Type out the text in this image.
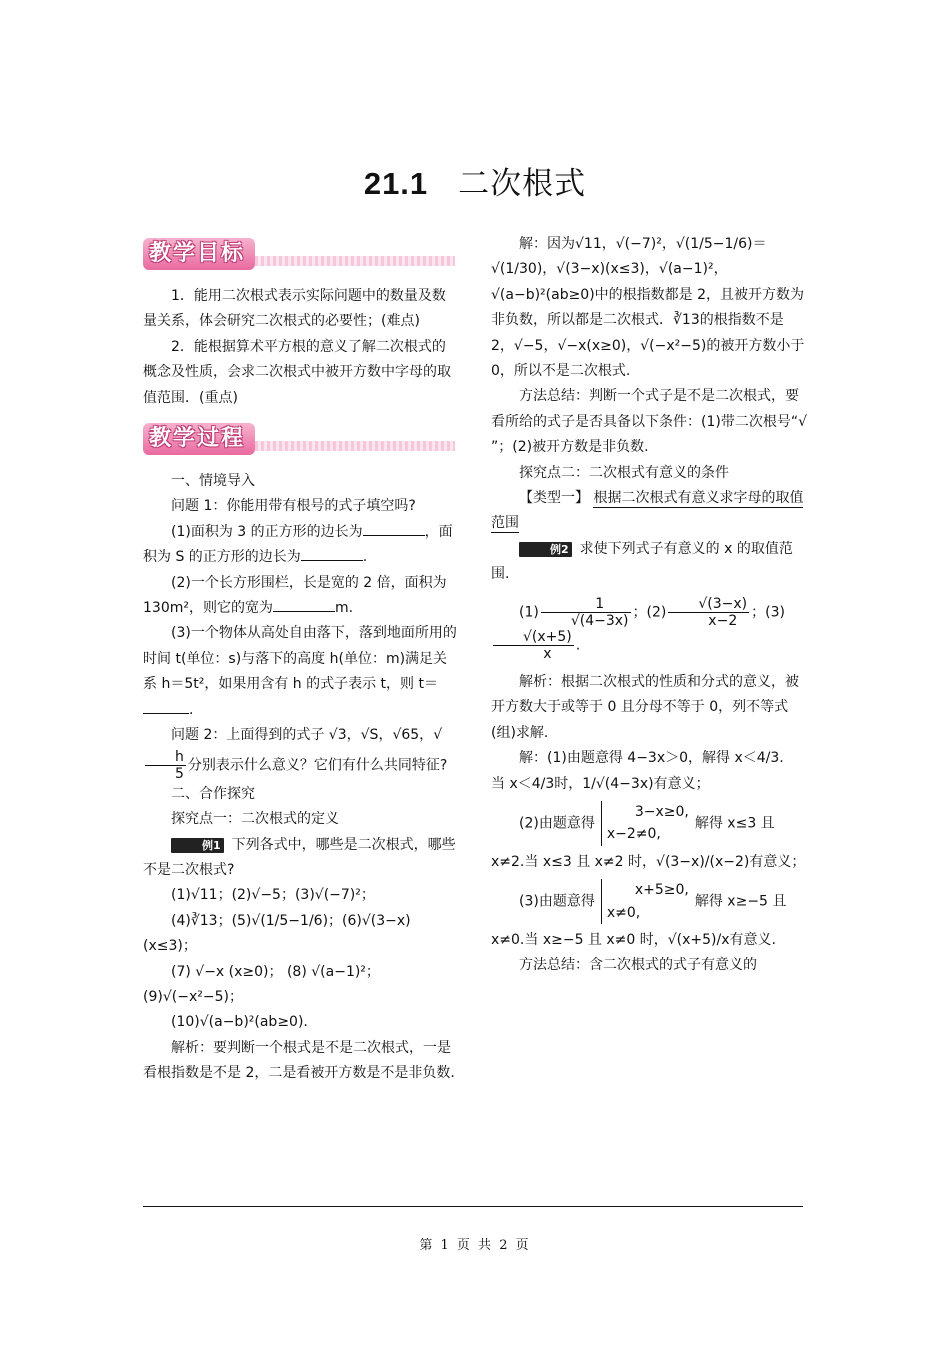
21.1 二次根式
教学目标

1．能用二次根式表示实际问题中的数量及数量关系，体会研究二次根式的必要性；(难点)

2．能根据算术平方根的意义了解二次根式的概念及性质，会求二次根式中被开方数中字母的取值范围．(重点)

教学过程

一、情境导入

问题 1：你能用带有根号的式子填空吗?

(1)面积为 3 的正方形的边长为	，面积为 S 的正方形的边长为	.

(2)一个长方形围栏，长是宽的 2 倍，面积为 130m²，则它的宽为	m.

(3)一个物体从高处自由落下，落到地面所用的时间 t(单位：s)与落下的高度 h(单位：m)满足关系 h＝5t²，如果用含有 h 的式子表示 t，则 t＝.

问题 2：上面得到的式子 √3，√S，√65，√
$\frac{h}{5}$ 分别表示什么意义？它们有什么共同特征?

二、合作探究

探究点一：二次根式的定义

例1 下列各式中，哪些是二次根式，哪些不是二次根式?

(1)√11；(2)√−5；(3)√(−7)²；

(4)∛13；(5)√(1/5−1/6)；(6)√(3−x)(x≤3)；

(7) √−x (x≥0)； (8) √(a−1)²；(9)√(−x²−5)；

(10)√(a−b)²(ab≥0).

解析：要判断一个根式是不是二次根式，一是看根指数是不是 2，二是看被开方数是不是非负数.

解：因为√11，√(−7)²，√(1/5−1/6)＝√(1/30)，√(3−x)(x≤3)，√(a−1)²，√(a−b)²(ab≥0)中的根指数都是 2，且被开方数为非负数，所以都是二次根式．∛13的根指数不是 2，√−5，√−x(x≥0)，√(−x²−5)的被开方数小于 0，所以不是二次根式.

方法总结：判断一个式子是不是二次根式，要看所给的式子是否具备以下条件：(1)带二次根号“√ ”；(2)被开方数是非负数.

探究点二：二次根式有意义的条件

【类型一】 根据二次根式有意义求字母的取值范围

例2 求使下列式子有意义的 x 的取值范围.

$(1) \frac{1}{√(4-3x)}$ ；$(2) \frac{√(3-x)}{x-2}$ ；(3)
$\frac{√(x+5)}{x}$ .

解析：根据二次根式的性质和分式的意义，被开方数大于或等于 0 且分母不等于 0，列不等式(组)求解.

解：(1)由题意得 4−3x＞0，解得 x＜4/3.

当 x＜4/3时，1/√(4−3x)有意义；

(2)由题意得3−x≥0,
x−2≠0,解得 x≤3 且

x≠2.当 x≤3 且 x≠2 时，√(3−x)/(x−2)有意义；

(3)由题意得x+5≥0,
x≠0,解得 x≥−5 且

x≠0.当 x≥−5 且 x≠0 时，√(x+5)/x有意义.

方法总结：含二次根式的式子有意义的

第 1 页 共 2 页
